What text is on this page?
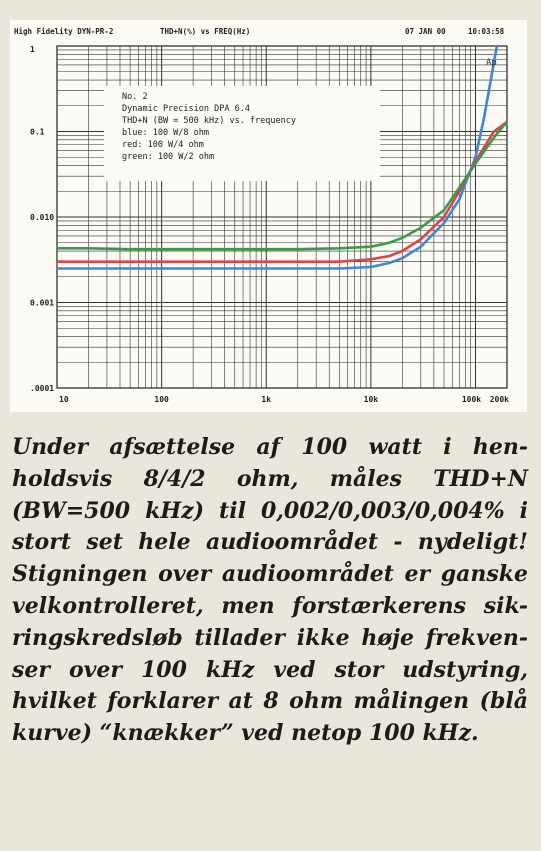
High Fidelity DYN-PR-2	THD+N(%) vs FREQ(Hz)	07 JAN 00	10:03:58
No. 2
Dynamic Precision DPA 6.4
THD+N (BW = 500 kHz) vs. frequency
blue: 100 W/8 ohm
red: 100 W/4 ohm
green: 100 W/2 ohm
10	100	1k	10k	100k 200k
1
0.1
0.010
0.001
.0001
Ap

Under afsættelse af 100 watt i hen-
holdsvis 8/4/2 ohm, måles THD+N
(BW=500 kHz) til 0,002/0,003/0,004% i
stort set hele audioområdet - nydeligt!
Stigningen over audioområdet er ganske
velkontrolleret, men forstærkerens sik-
ringskredsløb tillader ikke høje frekven-
ser over 100 kHz ved stor udstyring,
hvilket forklarer at 8 ohm målingen (blå
kurve) “knækker” ved netop 100 kHz.
